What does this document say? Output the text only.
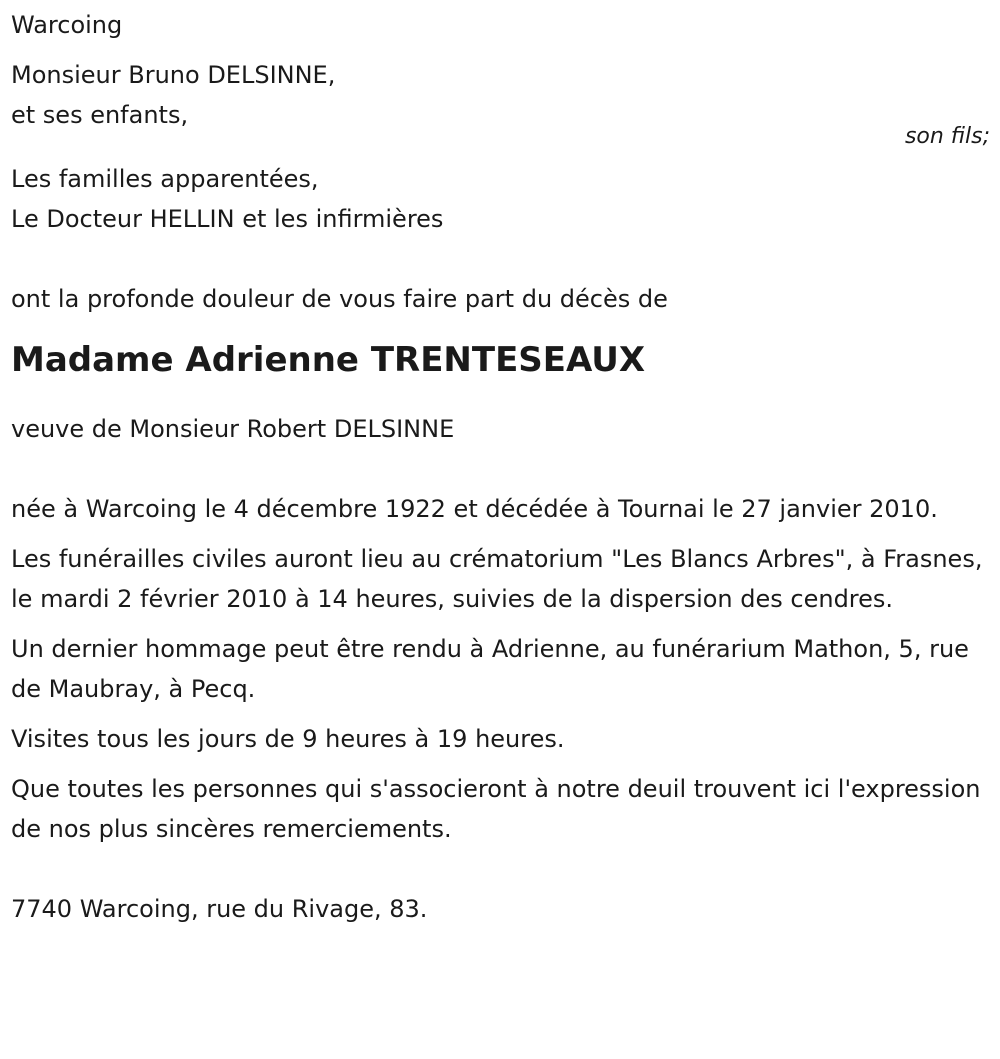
son fils;
Warcoing
Monsieur Bruno DELSINNE,
et ses enfants,
Les familles apparentées,
Le Docteur HELLIN et les infirmières
ont la profonde douleur de vous faire part du décès de
Madame Adrienne TRENTESEAUX
veuve de Monsieur Robert DELSINNE

née à Warcoing le 4 décembre 1922 et décédée à Tournai le 27 janvier 2010.

Les funérailles civiles auront lieu au crématorium "Les Blancs Arbres", à Frasnes, le mardi 2 février 2010 à 14 heures, suivies de la dispersion des cendres.

Un dernier hommage peut être rendu à Adrienne, au funérarium Mathon, 5, rue de Maubray, à Pecq.

Visites tous les jours de 9 heures à 19 heures.

Que toutes les personnes qui s'associeront à notre deuil trouvent ici l'expression de nos plus sincères remerciements.

7740 Warcoing, rue du Rivage, 83.
